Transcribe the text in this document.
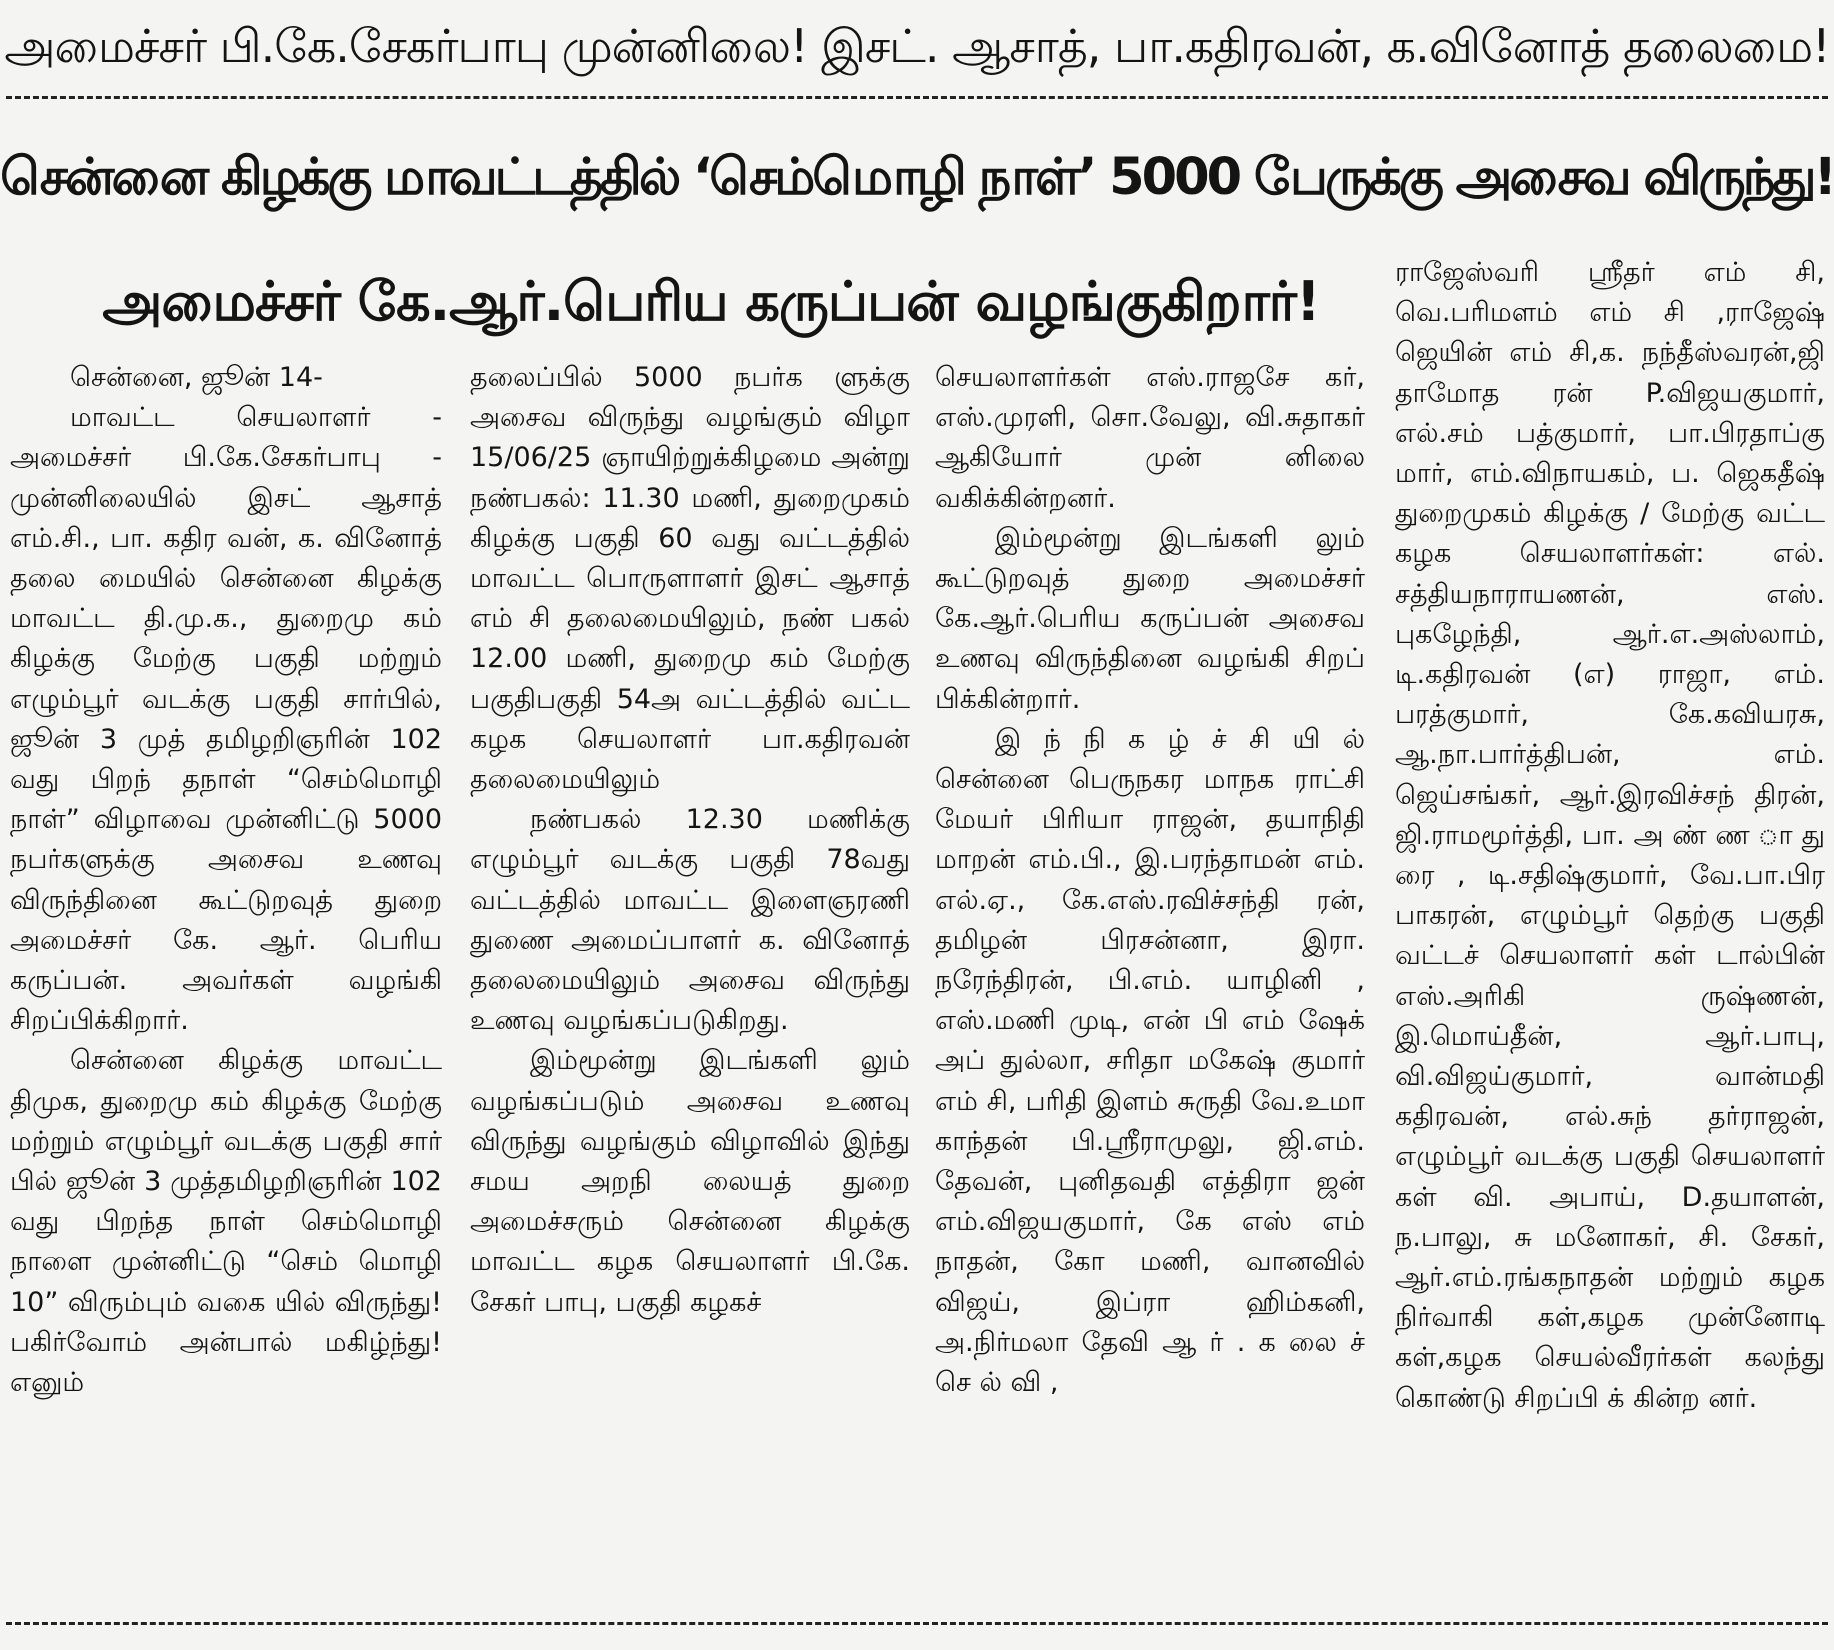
அமைச்சர் பி.கே.சேகர்பாபு முன்னிலை! இசட். ஆசாத், பா.கதிரவன், க.வினோத் தலைமை!
சென்னை கிழக்கு மாவட்டத்தில் ‘செம்மொழி நாள்’ 5000 பேருக்கு அசைவ விருந்து!
அமைச்சர் கே.ஆர்.பெரிய கருப்பன் வழங்குகிறார்!

சென்னை, ஜூன் 14-

மாவட்ட செயலாளர் - அமைச்சர் பி.கே.சேகர்பாபு - முன்னிலையில் இசட் ஆசாத் எம்.சி., பா. கதிர வன், க. வினோத் தலை மையில் சென்னை கிழக்கு மாவட்ட தி.மு.க., துறைமு கம் கிழக்கு மேற்கு பகுதி மற்றும் எழும்பூர் வடக்கு பகுதி சார்பில், ஜூன் 3 முத் தமிழறிஞரின் 102 வது பிறந் தநாள் “செம்மொழி நாள்” விழாவை முன்னிட்டு 5000 நபர்களுக்கு அசைவ உணவு விருந்தினை கூட்டுறவுத் துறை அமைச்சர் கே. ஆர். பெரிய கருப்பன். அவர்கள் வழங்கி சிறப்பிக்கிறார்.

சென்னை கிழக்கு மாவட்ட திமுக, துறைமு கம் கிழக்கு மேற்கு மற்றும் எழும்பூர் வடக்கு பகுதி சார் பில் ஜூன் 3 முத்தமிழறிஞரின் 102 வது பிறந்த நாள் செம்மொழி நாளை முன்னிட்டு “செம் மொழி 10” விரும்பும் வகை யில் விருந்து! பகிர்வோம் அன்பால் மகிழ்ந்து! எனும்

தலைப்பில் 5000 நபர்க ளுக்கு அசைவ விருந்து வழங்கும் விழா 15/06/25 ஞாயிற்றுக்கிழமை அன்று நண்பகல்: 11.30 மணி, துறைமுகம் கிழக்கு பகுதி 60 வது வட்டத்தில் மாவட்ட பொருளாளர் இசட் ஆசாத் எம் சி தலைமையிலும், நண் பகல் 12.00 மணி, துறைமு கம் மேற்கு பகுதிபகுதி 54அ வட்டத்தில் வட்ட கழக செயலாளர் பா.கதிரவன் தலைமையிலும்

நண்பகல் 12.30 மணிக்கு எழும்பூர் வடக்கு பகுதி 78வது வட்டத்தில் மாவட்ட இளைஞரணி துணை அமைப்பாளர் க. வினோத் தலைமையிலும் அசைவ விருந்து உணவு வழங்கப்படுகிறது.

இம்மூன்று இடங்களி லும் வழங்கப்படும் அசைவ உணவு விருந்து வழங்கும் விழாவில் இந்து சமய அறநி லையத் துறை அமைச்சரும் சென்னை கிழக்கு மாவட்ட கழக செயலாளர் பி.கே. சேகர் பாபு, பகுதி கழகச்

செயலாளர்கள் எஸ்.ராஜசே கர், எஸ்.முரளி, சொ.வேலு, வி.சுதாகர் ஆகியோர் முன் னிலை வகிக்கின்றனர்.

இம்மூன்று இடங்களி லும் கூட்டுறவுத் துறை அமைச்சர் கே.ஆர்.பெரிய கருப்பன் அசைவ உணவு விருந்தினை வழங்கி சிறப் பிக்கின்றார்.

இ ந் நி க ழ் ச் சி யி ல் சென்னை பெருநகர மாநக ராட்சி மேயர் பிரியா ராஜன், தயாநிதி மாறன் எம்.பி., இ.பரந்தாமன் எம். எல்.ஏ., கே.எஸ்.ரவிச்சந்தி ரன், தமிழன் பிரசன்னா, இரா. நரேந்திரன், பி.எம். யாழினி , எஸ்.மணி முடி, என் பி எம் ஷேக் அப் துல்லா, சரிதா மகேஷ் குமார் எம் சி, பரிதி இளம் சுருதி வே.உமா காந்தன் பி.ஸ்ரீராமுலு, ஜி.எம். தேவன், புனிதவதி எத்திரா ஜன் எம்.விஜயகுமார், கே எஸ் எம் நாதன், கோ மணி, வானவில் விஜய், இப்ரா ஹிம்கனி, அ.நிர்மலா தேவி ஆ ர் . க லை ச் செ ல் வி ,

ராஜேஸ்வரி ஸ்ரீதர் எம் சி, வெ.பரிமளம் எம் சி ,ராஜேஷ் ஜெயின் எம் சி,க. நந்தீஸ்வரன்,ஜி தாமோத ரன் P.விஜயகுமார், எல்.சம் பத்குமார், பா.பிரதாப்கு மார், எம்.விநாயகம், ப. ஜெகதீஷ் துறைமுகம் கிழக்கு / மேற்கு வட்ட கழக செயலாளர்கள்: எல். சத்தியநாராயணன், எஸ். புகழேந்தி, ஆர்.எ.அஸ்லாம், டி.கதிரவன் (எ) ராஜா, எம். பரத்குமார், கே.கவியரசு, ஆ.நா.பார்த்திபன், எம். ஜெய்சங்கர், ஆர்.இரவிச்சந் திரன், ஜி.ராமமூர்த்தி, பா. அ ண் ண ா து ரை , டி.சதிஷ்குமார், வே.பா.பிர பாகரன், எழும்பூர் தெற்கு பகுதி வட்டச் செயலாளர் கள் டால்பின் எஸ்.அரிகி ருஷ்ணன், இ.மொய்தீன், ஆர்.பாபு, வி.விஜய்குமார், வான்மதி கதிரவன், எல்.சுந் தர்ராஜன், எழும்பூர் வடக்கு பகுதி செயலாளர் கள் வி. அபாய், D.தயாளன், ந.பாலு, சு மனோகர், சி. சேகர், ஆர்.எம்.ரங்கநாதன் மற்றும் கழக நிர்வாகி கள்,கழக முன்னோடி கள்,கழக செயல்வீரர்கள் கலந்து கொண்டு சிறப்பி க் கின்ற னர்.
